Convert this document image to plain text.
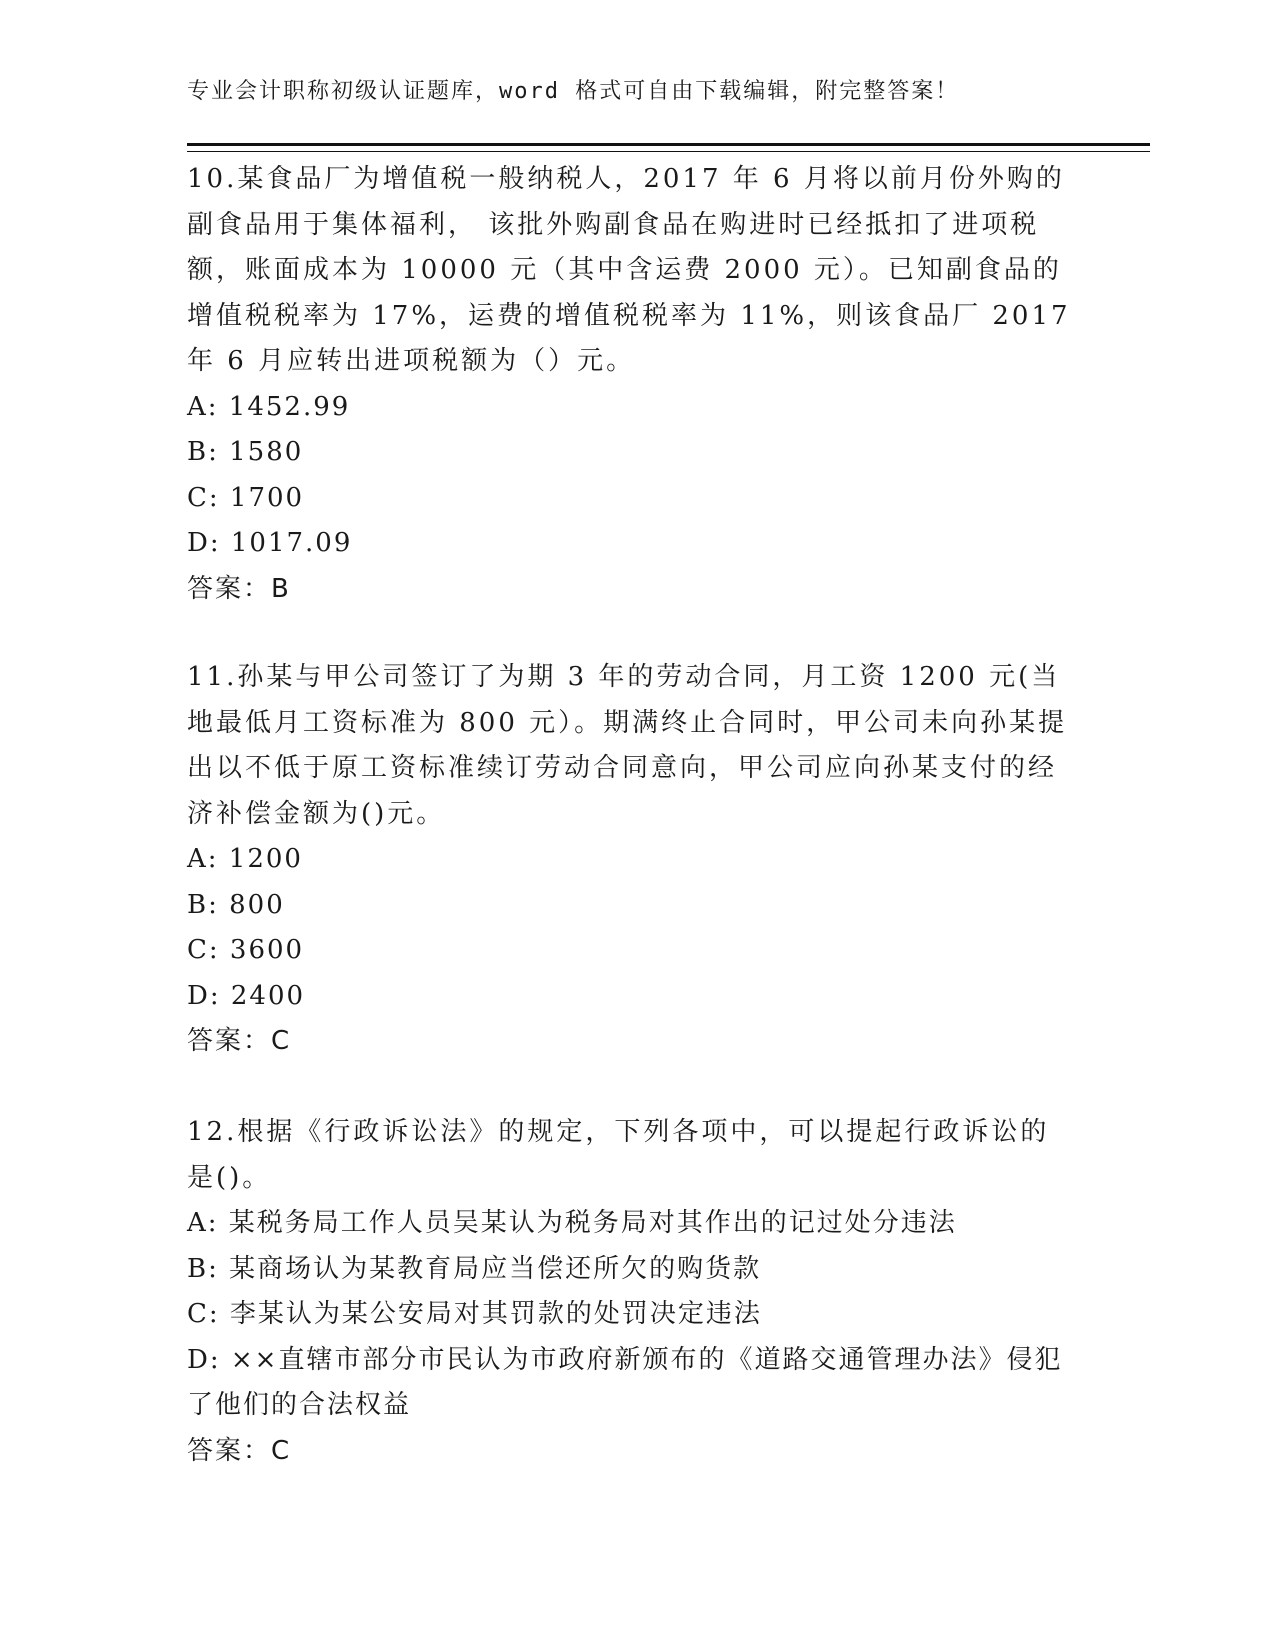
专业会计职称初级认证题库，word 格式可自由下载编辑，附完整答案！

10.某食品厂为增值税一般纳税人，2017 年 6 月将以前月份外购的副食品用于集体福利， 该批外购副食品在购进时已经抵扣了进项税额，账面成本为 10000 元（其中含运费 2000 元）。已知副食品的增值税税率为 17%，运费的增值税税率为 11%，则该食品厂 2017 年 6 月应转出进项税额为（）元。

A: 1452.99

B: 1580

C: 1700

D: 1017.09

答案：B

11.孙某与甲公司签订了为期 3 年的劳动合同，月工资 1200 元(当地最低月工资标准为 800 元）。期满终止合同时，甲公司未向孙某提出以不低于原工资标准续订劳动合同意向，甲公司应向孙某支付的经济补偿金额为()元。

A: 1200

B: 800

C: 3600

D: 2400

答案：C

12.根据《行政诉讼法》的规定，下列各项中，可以提起行政诉讼的是()。

A: 某税务局工作人员吴某认为税务局对其作出的记过处分违法

B: 某商场认为某教育局应当偿还所欠的购货款

C: 李某认为某公安局对其罚款的处罚决定违法

D: ××直辖市部分市民认为市政府新颁布的《道路交通管理办法》侵犯了他们的合法权益

答案：C
